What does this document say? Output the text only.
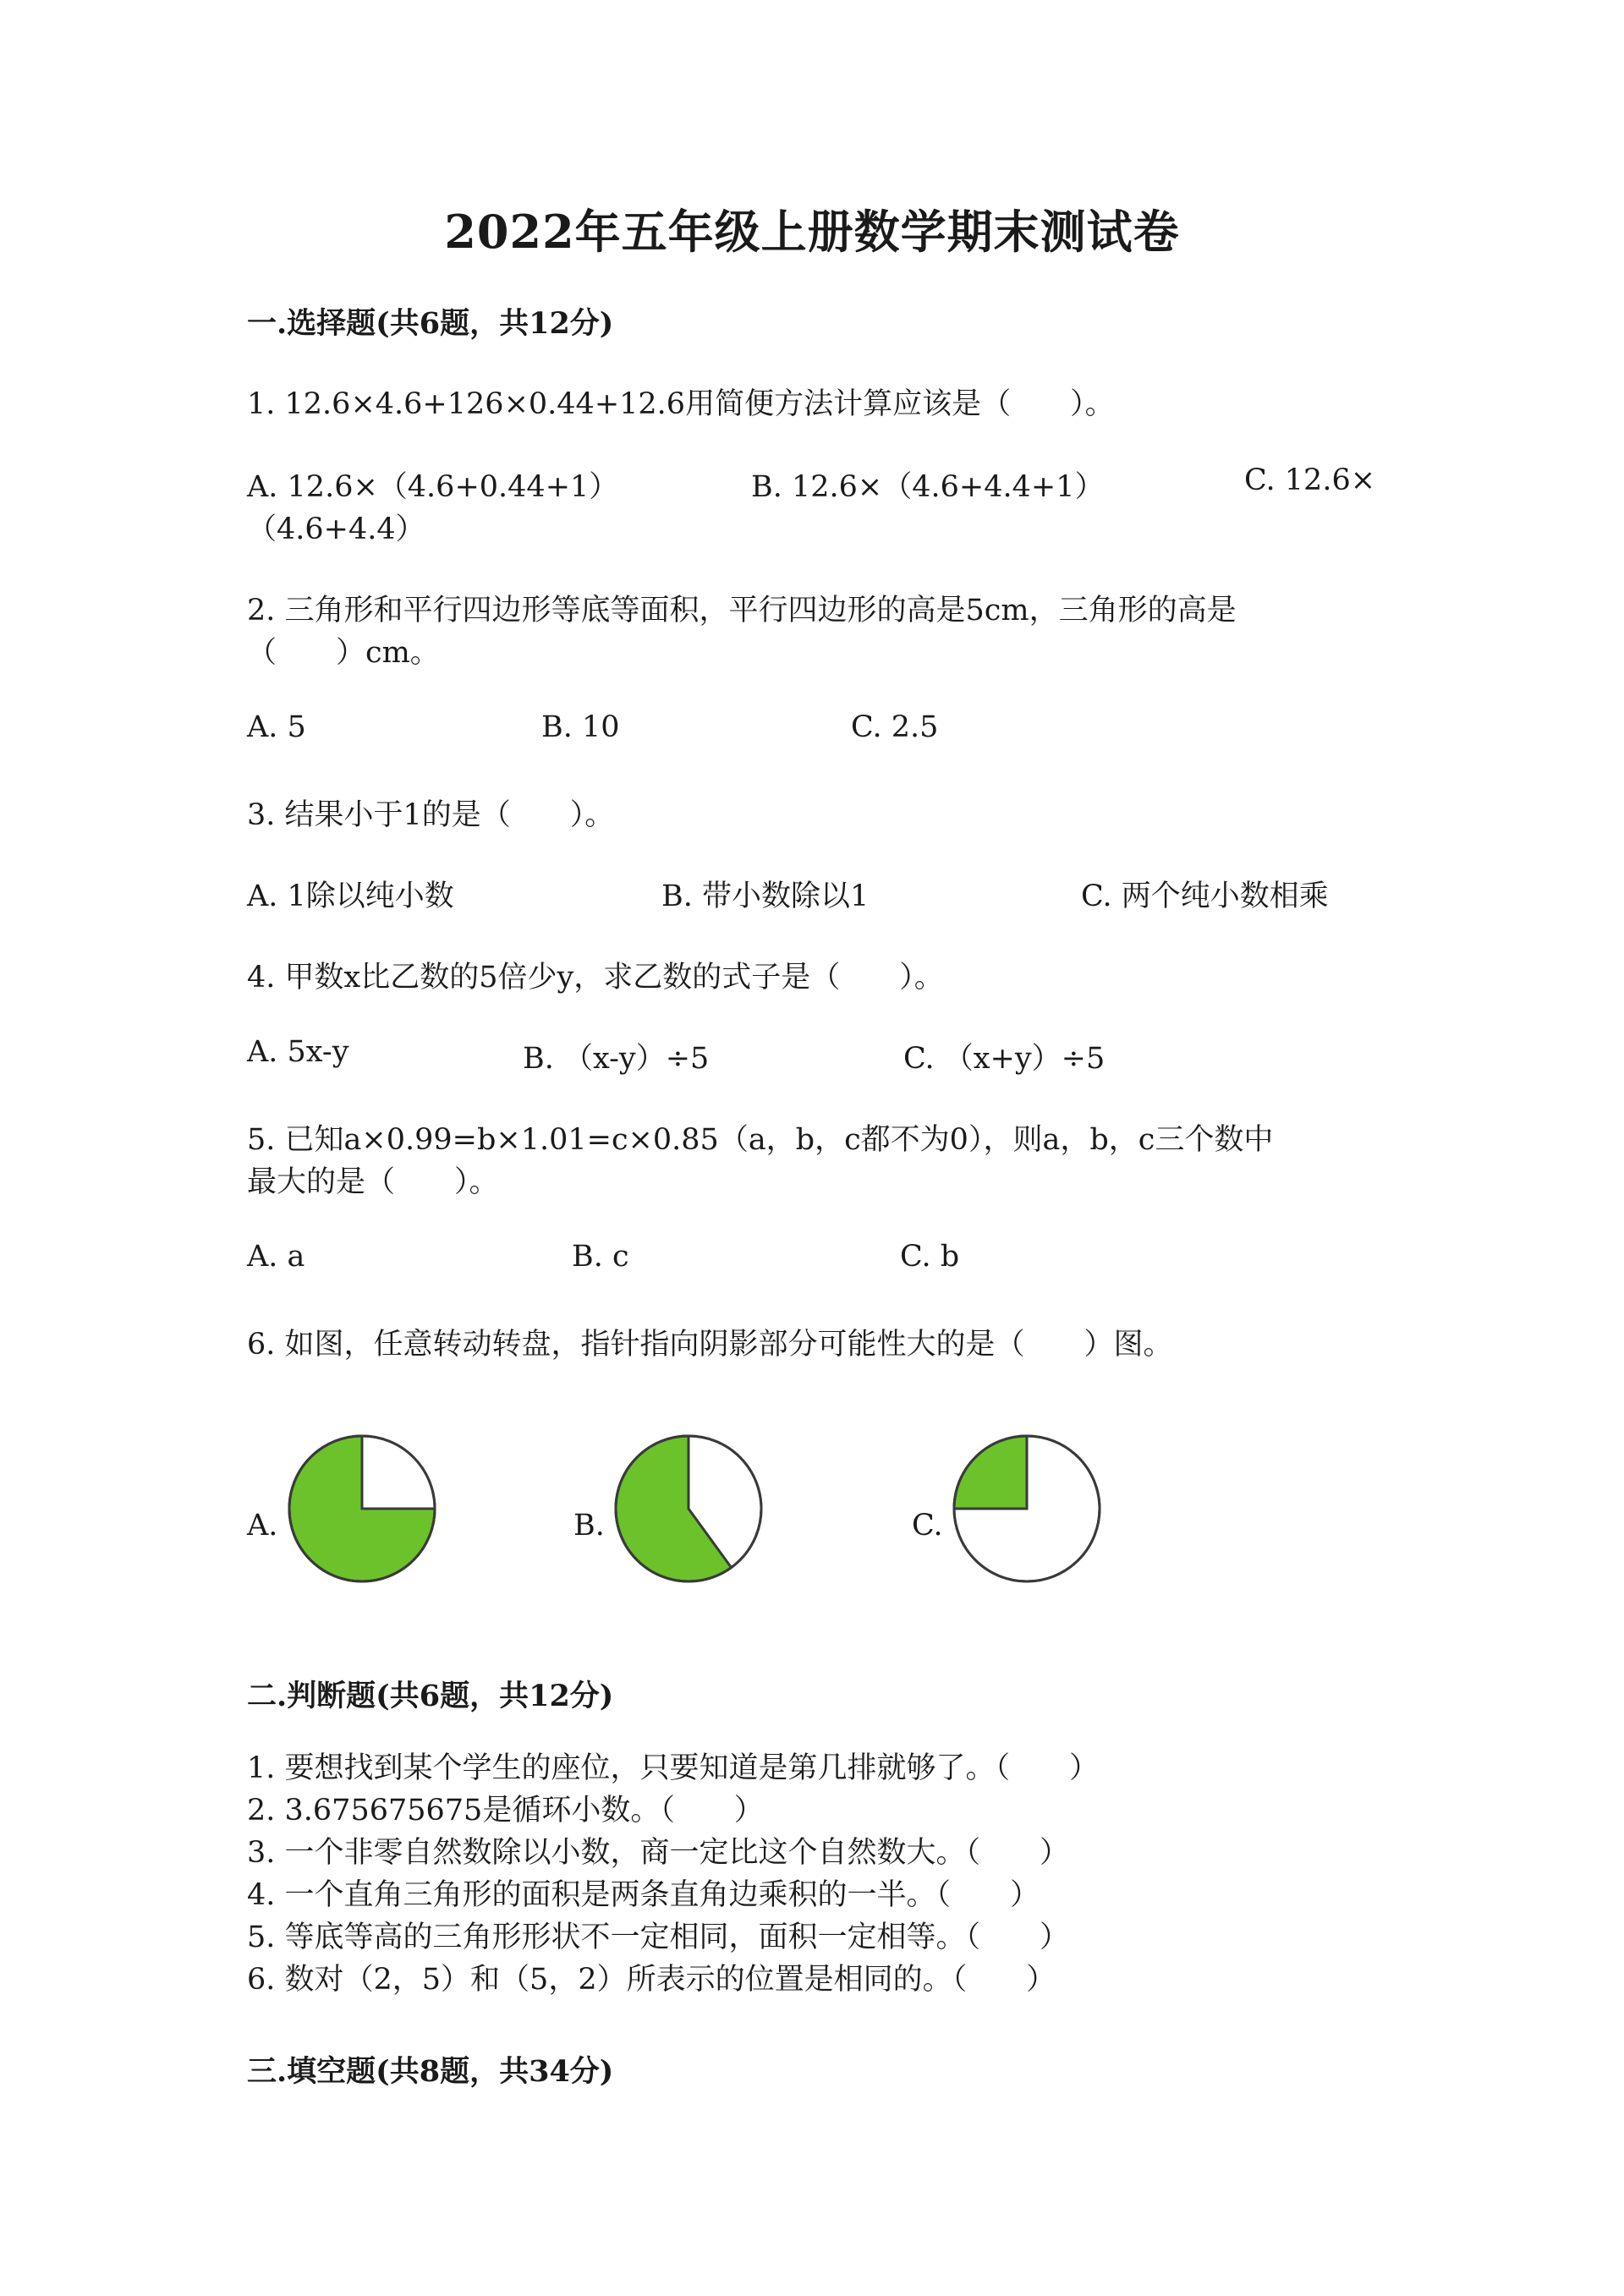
2022年五年级上册数学期末测试卷
一.选择题(共6题，共12分)
1. 12.6×4.6+126×0.44+12.6用简便方法计算应该是（　　）。
A. 12.6×（4.6+0.44+1）	B. 12.6×（4.6+4.4+1）	C. 12.6×
（4.6+4.4）
2. 三角形和平行四边形等底等面积，平行四边形的高是5cm，三角形的高是
（　　）cm。
A. 5	B. 10	C. 2.5
3. 结果小于1的是（　　）。
A. 1除以纯小数	B. 带小数除以1	C. 两个纯小数相乘
4. 甲数x比乙数的5倍少y，求乙数的式子是（　　）。
A. 5x-y	B. （x-y）÷5	C. （x+y）÷5
5. 已知a×0.99=b×1.01=c×0.85（a，b，c都不为0），则a，b，c三个数中
最大的是（　　）。
A. a	B. c	C. b
6. 如图，任意转动转盘，指针指向阴影部分可能性大的是（　　）图。
A.	B.	C.
二.判断题(共6题，共12分)
1. 要想找到某个学生的座位，只要知道是第几排就够了。（　　）
2. 3.675675675是循环小数。（　　）
3. 一个非零自然数除以小数，商一定比这个自然数大。（　　）
4. 一个直角三角形的面积是两条直角边乘积的一半。（　　）
5. 等底等高的三角形形状不一定相同，面积一定相等。（　　）
6. 数对（2，5）和（5，2）所表示的位置是相同的。（　　）
三.填空题(共8题，共34分)
